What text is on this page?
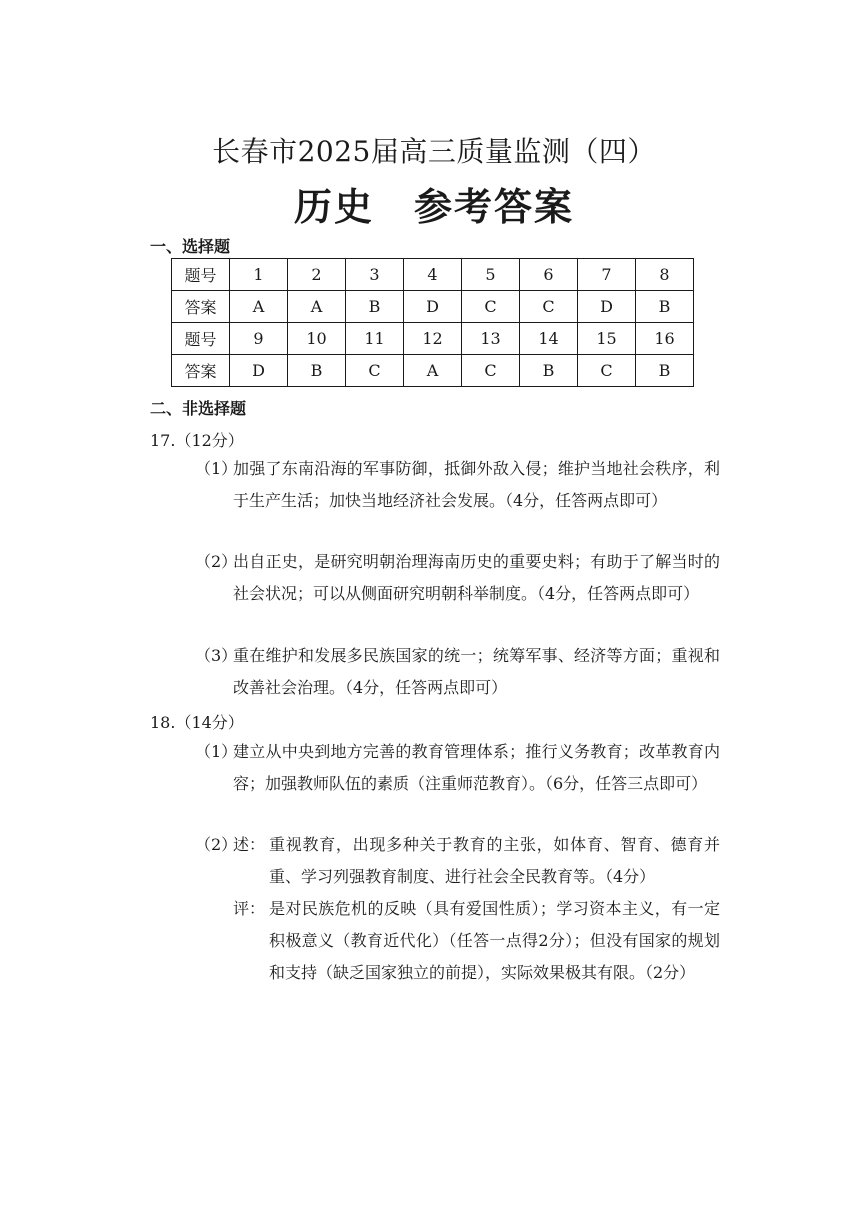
长春市2025届高三质量监测（四）
历史　参考答案
一、选择题
题号	1	2	3	4	5	6	7	8
答案	A	A	B	D	C	C	D	B
题号	9	10	11	12	13	14	15	16
答案	D	B	C	A	C	B	C	B
二、非选择题
17.（12分）
（1）
加强了东南沿海的军事防御，抵御外敌入侵；维护当地社会秩序，利于生产生活；加快当地经济社会发展。（4分，任答两点即可）
（2）
出自正史，是研究明朝治理海南历史的重要史料；有助于了解当时的社会状况；可以从侧面研究明朝科举制度。（4分，任答两点即可）
（3）
重在维护和发展多民族国家的统一；统筹军事、经济等方面；重视和改善社会治理。（4分，任答两点即可）
18.（14分）
（1）
建立从中央到地方完善的教育管理体系；推行义务教育；改革教育内容；加强教师队伍的素质（注重师范教育）。（6分，任答三点即可）
（2）
述： 重视教育，出现多种关于教育的主张，如体育、智育、德育并重、学习列强教育制度、进行社会全民教育等。（4分）
评： 是对民族危机的反映（具有爱国性质）；学习资本主义，有一定积极意义（教育近代化）（任答一点得2分）；但没有国家的规划和支持（缺乏国家独立的前提），实际效果极其有限。（2分）
